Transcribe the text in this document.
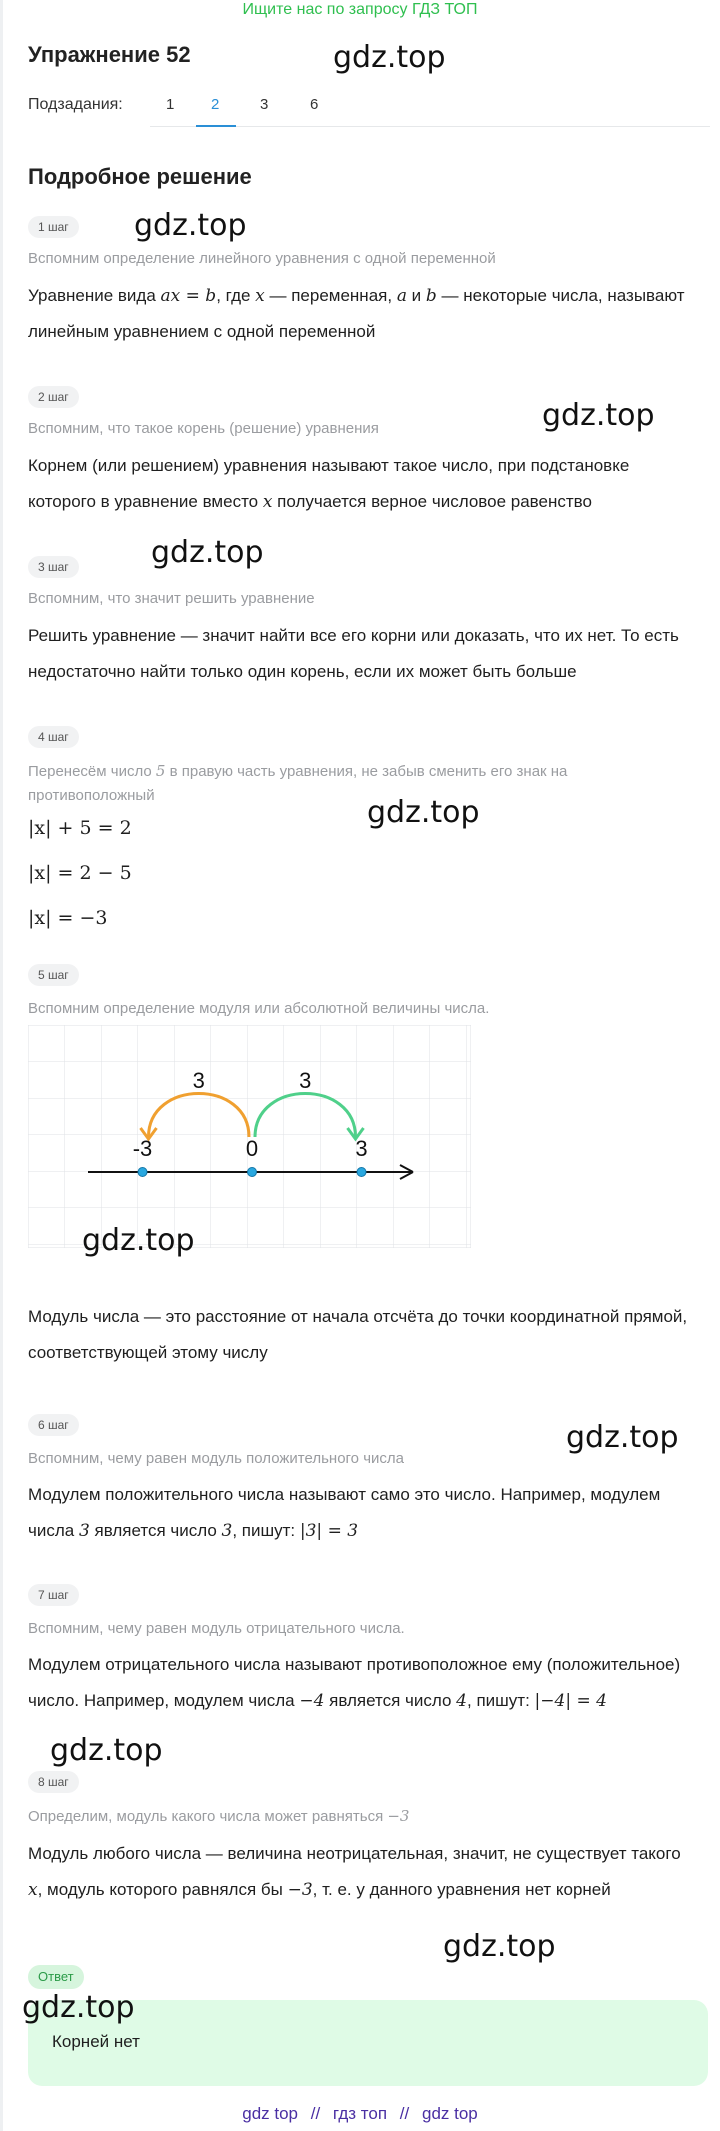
Ищите нас по запросу ГДЗ ТОП
Упражнение 52
Подзадания:	1 2	3	6
Подробное решение
1 шаг
Вспомним определение линейного уравнения с одной переменной
Уравнение вида ax = b, где x — переменная, a и b — некоторые числа, называют линейным уравнением с одной переменной
2 шаг
Вспомним, что такое корень (решение) уравнения
Корнем (или решением) уравнения называют такое число, при подстановке которого в уравнение вместо x получается верное числовое равенство
3 шаг
Вспомним, что значит решить уравнение
Решить уравнение — значит найти все его корни или доказать, что их нет. То есть недостаточно найти только один корень, если их может быть больше
4 шаг
Перенесём число 5 в правую часть уравнения, не забыв сменить его знак на противоположный
|x| + 5 = 2
|x| = 2 − 5
|x| = −3
5 шаг
Вспомним определение модуля или абсолютной величины числа.
3	3
-3	0	3
Модуль числа — это расстояние от начала отсчёта до точки координатной прямой, соответствующей этому числу
6 шаг
Вспомним, чему равен модуль положительного числа
Модулем положительного числа называют само это число. Например, модулем числа 3 является число 3, пишут: |3| = 3
7 шаг
Вспомним, чему равен модуль отрицательного числа.
Модулем отрицательного числа называют противоположное ему (положительное) число. Например, модулем числа −4 является число 4, пишут: |−4| = 4
8 шаг
Определим, модуль какого числа может равняться −3
Модуль любого числа — величина неотрицательная, значит, не существует такого x, модуль которого равнялся бы −3, т. е. у данного уравнения нет корней
Ответ
Корней нет
gdz.top
gdz.top
gdz.top
gdz.top
gdz.top
gdz.top
gdz.top
gdz.top
gdz.top
gdz.top
gdz top // гдз топ // gdz top
